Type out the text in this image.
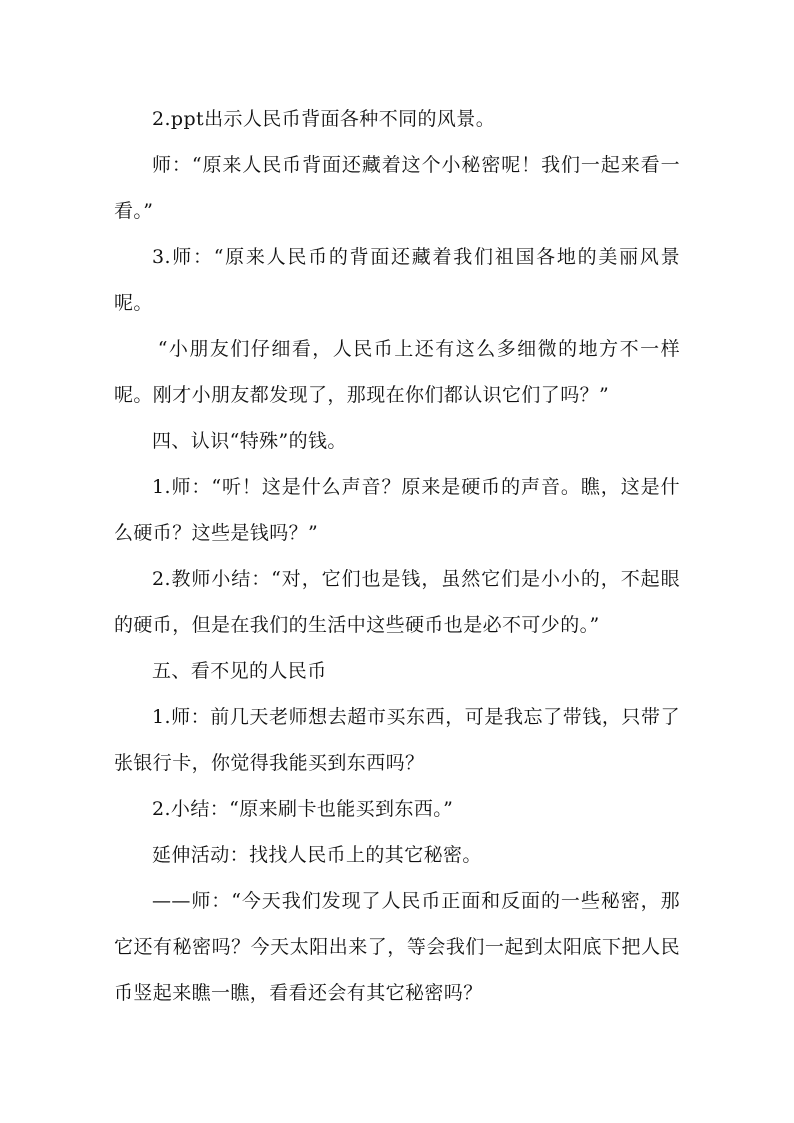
2.ppt出示人民币背面各种不同的风景。

师：“原来人民币背面还藏着这个小秘密呢！我们一起来看一看。”

3.师：“原来人民币的背面还藏着我们祖国各地的美丽风景呢。

“小朋友们仔细看，人民币上还有这么多细微的地方不一样呢。刚才小朋友都发现了，那现在你们都认识它们了吗？”

四、认识“特殊”的钱。

1.师：“听！这是什么声音？原来是硬币的声音。瞧，这是什么硬币？这些是钱吗？”

2.教师小结：“对，它们也是钱，虽然它们是小小的，不起眼的硬币，但是在我们的生活中这些硬币也是必不可少的。”

五、看不见的人民币

1.师：前几天老师想去超市买东西，可是我忘了带钱，只带了张银行卡，你觉得我能买到东西吗？

2.小结：“原来刷卡也能买到东西。”

延伸活动：找找人民币上的其它秘密。

——师：“今天我们发现了人民币正面和反面的一些秘密，那它还有秘密吗？今天太阳出来了，等会我们一起到太阳底下把人民币竖起来瞧一瞧，看看还会有其它秘密吗？
